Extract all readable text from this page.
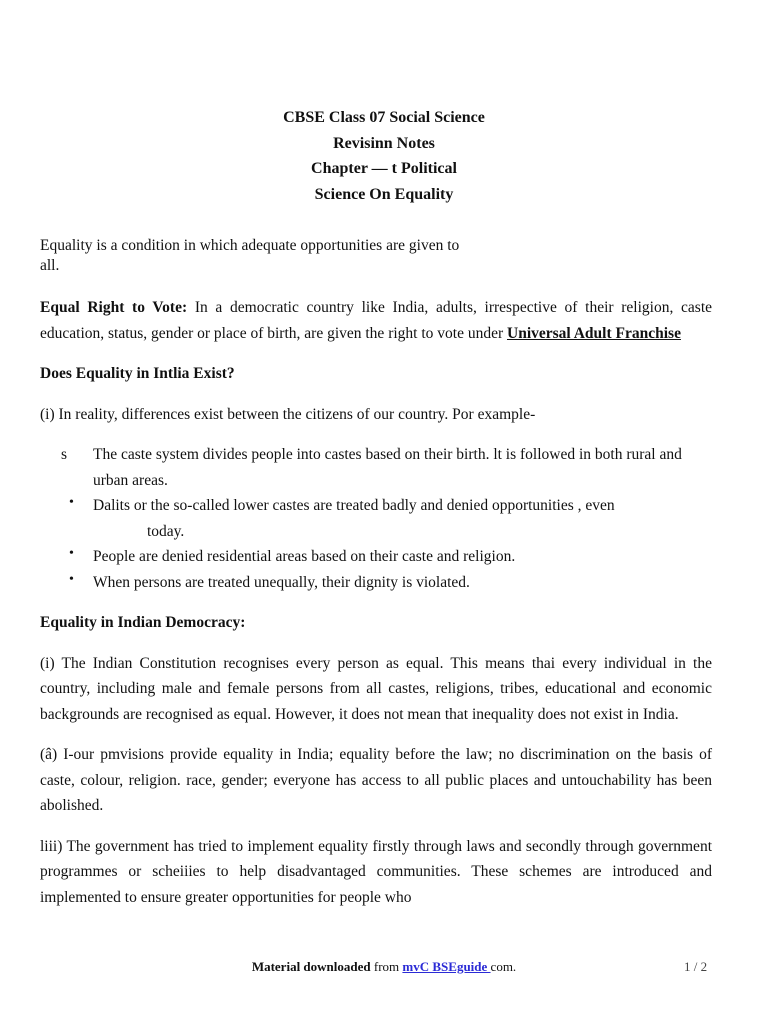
CBSE Class 07 Social Science
Revisinn Notes
Chapter — t Political
Science On Equality

Equality is a condition in which adequate opportunities are given to all.

Equal Right to Vote: In a democratic country like India, adults, irrespective of their religion, caste education, status, gender or place of birth, are given the right to vote under Universal Adult Franchise

Does Equality in Intlia Exist?

(i) In reality, differences exist between the citizens of our country. Por example-

s The caste system divides people into castes based on their birth. lt is followed in both rural and urban areas.
• Dalits or the so-called lower castes are treated badly and denied opportunities , even
today.
• People are denied residential areas based on their caste and religion.
• When persons are treated unequally, their dignity is violated.

Equality in Indian Democracy:

(i) The Indian Constitution recognises every person as equal. This means thai every individual in the country, including male and female persons from all castes, religions, tribes, educational and economic backgrounds are recognised as equal. However, it does not mean that inequality does not exist in India.

(â) I-our pmvisions provide equality in India; equality before the law; no discrimination on the basis of caste, colour, religion. race, gender; everyone has access to all public places and untouchability has been abolished.

liii) The government has tried to implement equality firstly through laws and secondly through government programmes or scheiiies to help disadvantaged communities. These schemes are introduced and implemented to ensure greater opportunities for people who

Material downloaded from mvC BSEguide com.	1 / 2
